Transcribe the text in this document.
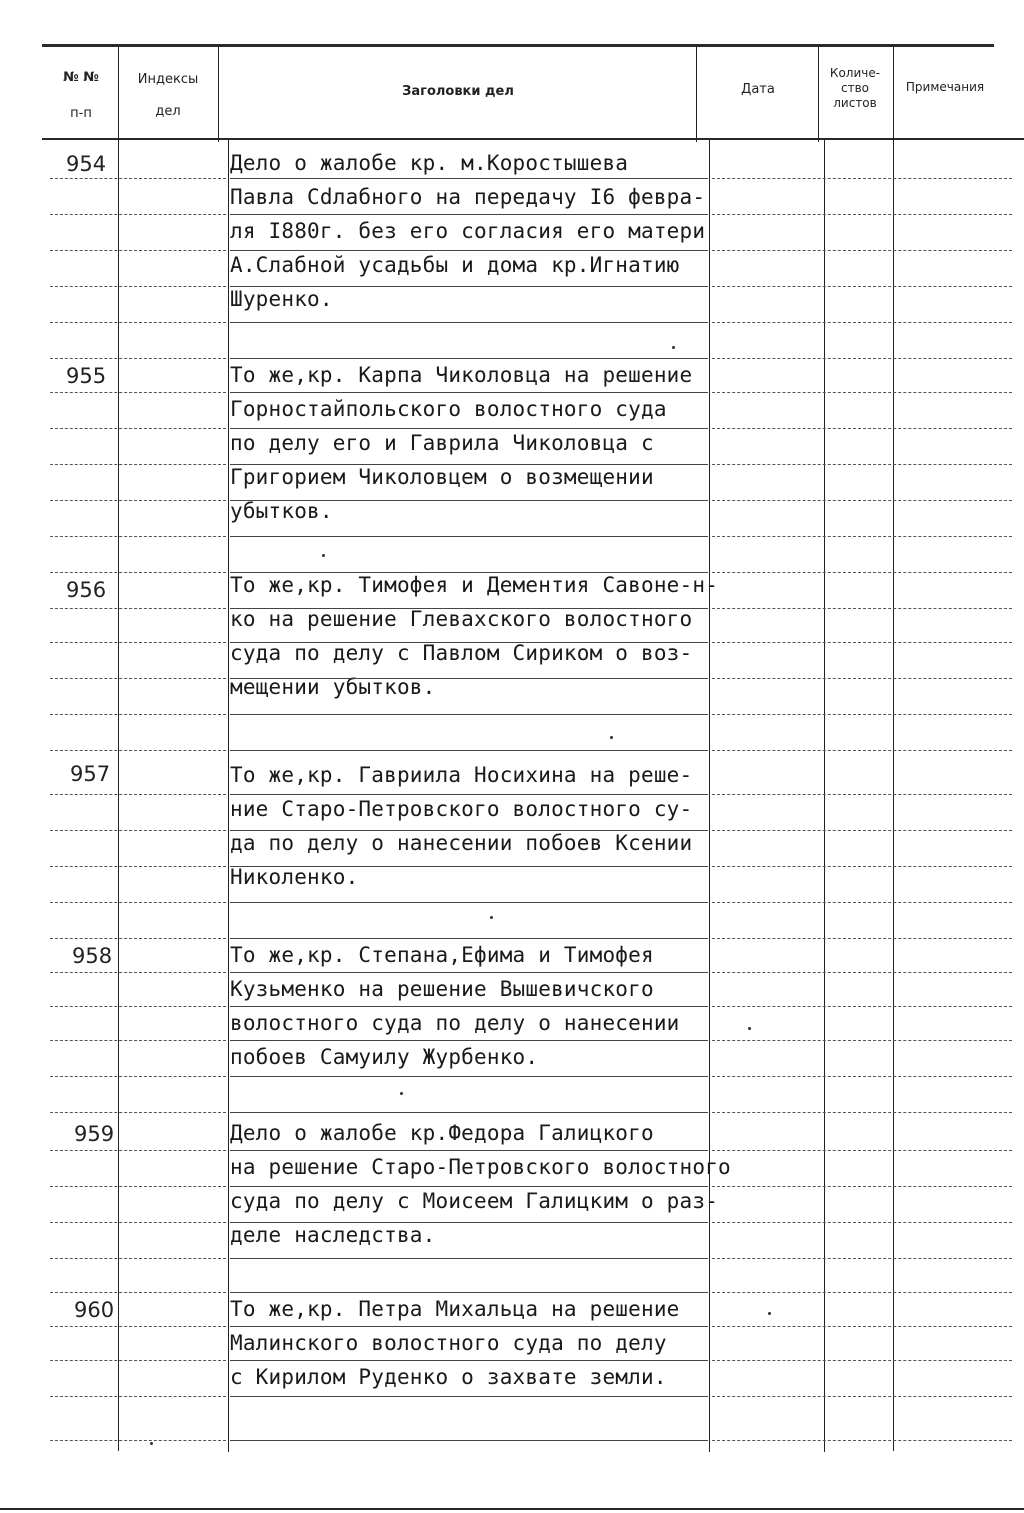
№ №
п-п
Индексы
дел
Заголовки дел	Дата
Количе-
ство
листов
Примечания
954
955
956
957
958
959
960
Дело о жалобе кр. м.Коростышева
Павла Сdлабного на передачу I6 февра-
ля I880г. без его согласия его матери
А.Слабной усадьбы и дома кр.Игнатию
Шуренко.
То же,кр. Карпа Чиколовца на решение
Горностайпольского волостного суда
по делу его и Гаврила Чиколовца с
Григорием Чиколовцем о возмещении
убытков.
То же,кр. Тимофея и Дементия Савоне-н-
ко на решение Глевахского волостного
суда по делу с Павлом Сириком о воз-
мещении убытков.
То же,кр. Гавриила Носихина на реше-
ние Старо-Петровского волостного су-
да по делу о нанесении побоев Ксении
Николенко.
То же,кр. Степана,Ефима и Тимофея
Кузьменко на решение Вышевичского
волостного суда по делу о нанесении
побоев Самуилу Журбенко.
Дело о жалобе кр.Федора Галицкого
на решение Старо-Петровского волостного
суда по делу с Моисеем Галицким о раз-
деле наследства.
То же,кр. Петра Михальца на решение
Малинского волостного суда по делу
с Кирилом Руденко о захвате земли.
